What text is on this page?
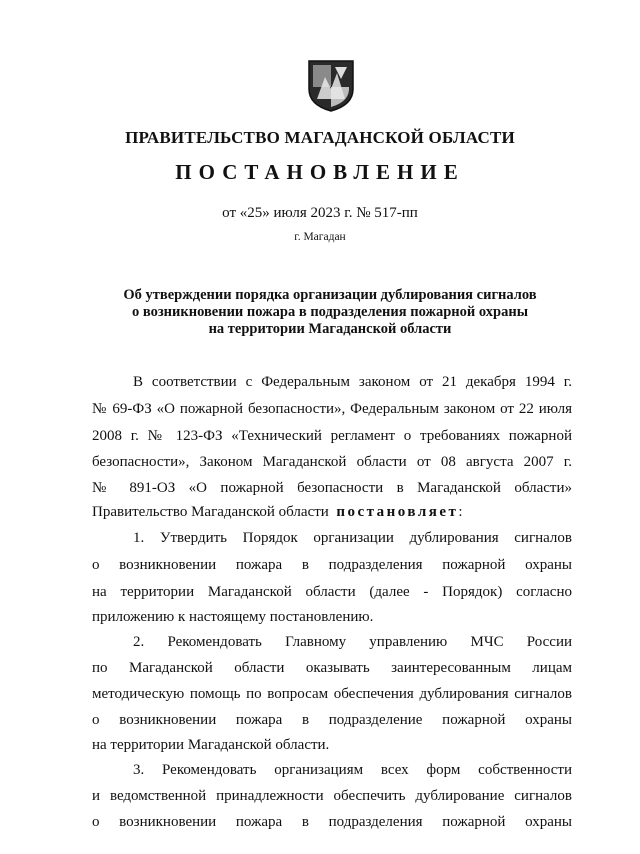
ПРАВИТЕЛЬСТВО МАГАДАНСКОЙ ОБЛАСТИ
ПОСТАНОВЛЕНИЕ
от «25» июля 2023 г. № 517-пп
г. Магадан
Об утверждении порядка организации дублирования сигналов
о возникновении пожара в подразделения пожарной охраны
на территории Магаданской области
В соответствии с Федеральным законом от 21 декабря 1994 г.
№ 69-ФЗ «О пожарной безопасности», Федеральным законом от 22 июля
2008 г. № 123-ФЗ «Технический регламент о требованиях пожарной
безопасности», Законом Магаданской области от 08 августа 2007 г.
№ 891-ОЗ «О пожарной безопасности в Магаданской области»
Правительство Магаданской области постановляет:
1. Утвердить Порядок организации дублирования сигналов
о возникновении пожара в подразделения пожарной охраны
на территории Магаданской области (далее - Порядок) согласно
приложению к настоящему постановлению.
2. Рекомендовать Главному управлению МЧС России
по Магаданской области оказывать заинтересованным лицам
методическую помощь по вопросам обеспечения дублирования сигналов
о возникновении пожара в подразделение пожарной охраны
на территории Магаданской области.
3. Рекомендовать организациям всех форм собственности
и ведомственной принадлежности обеспечить дублирование сигналов
о возникновении пожара в подразделения пожарной охраны
